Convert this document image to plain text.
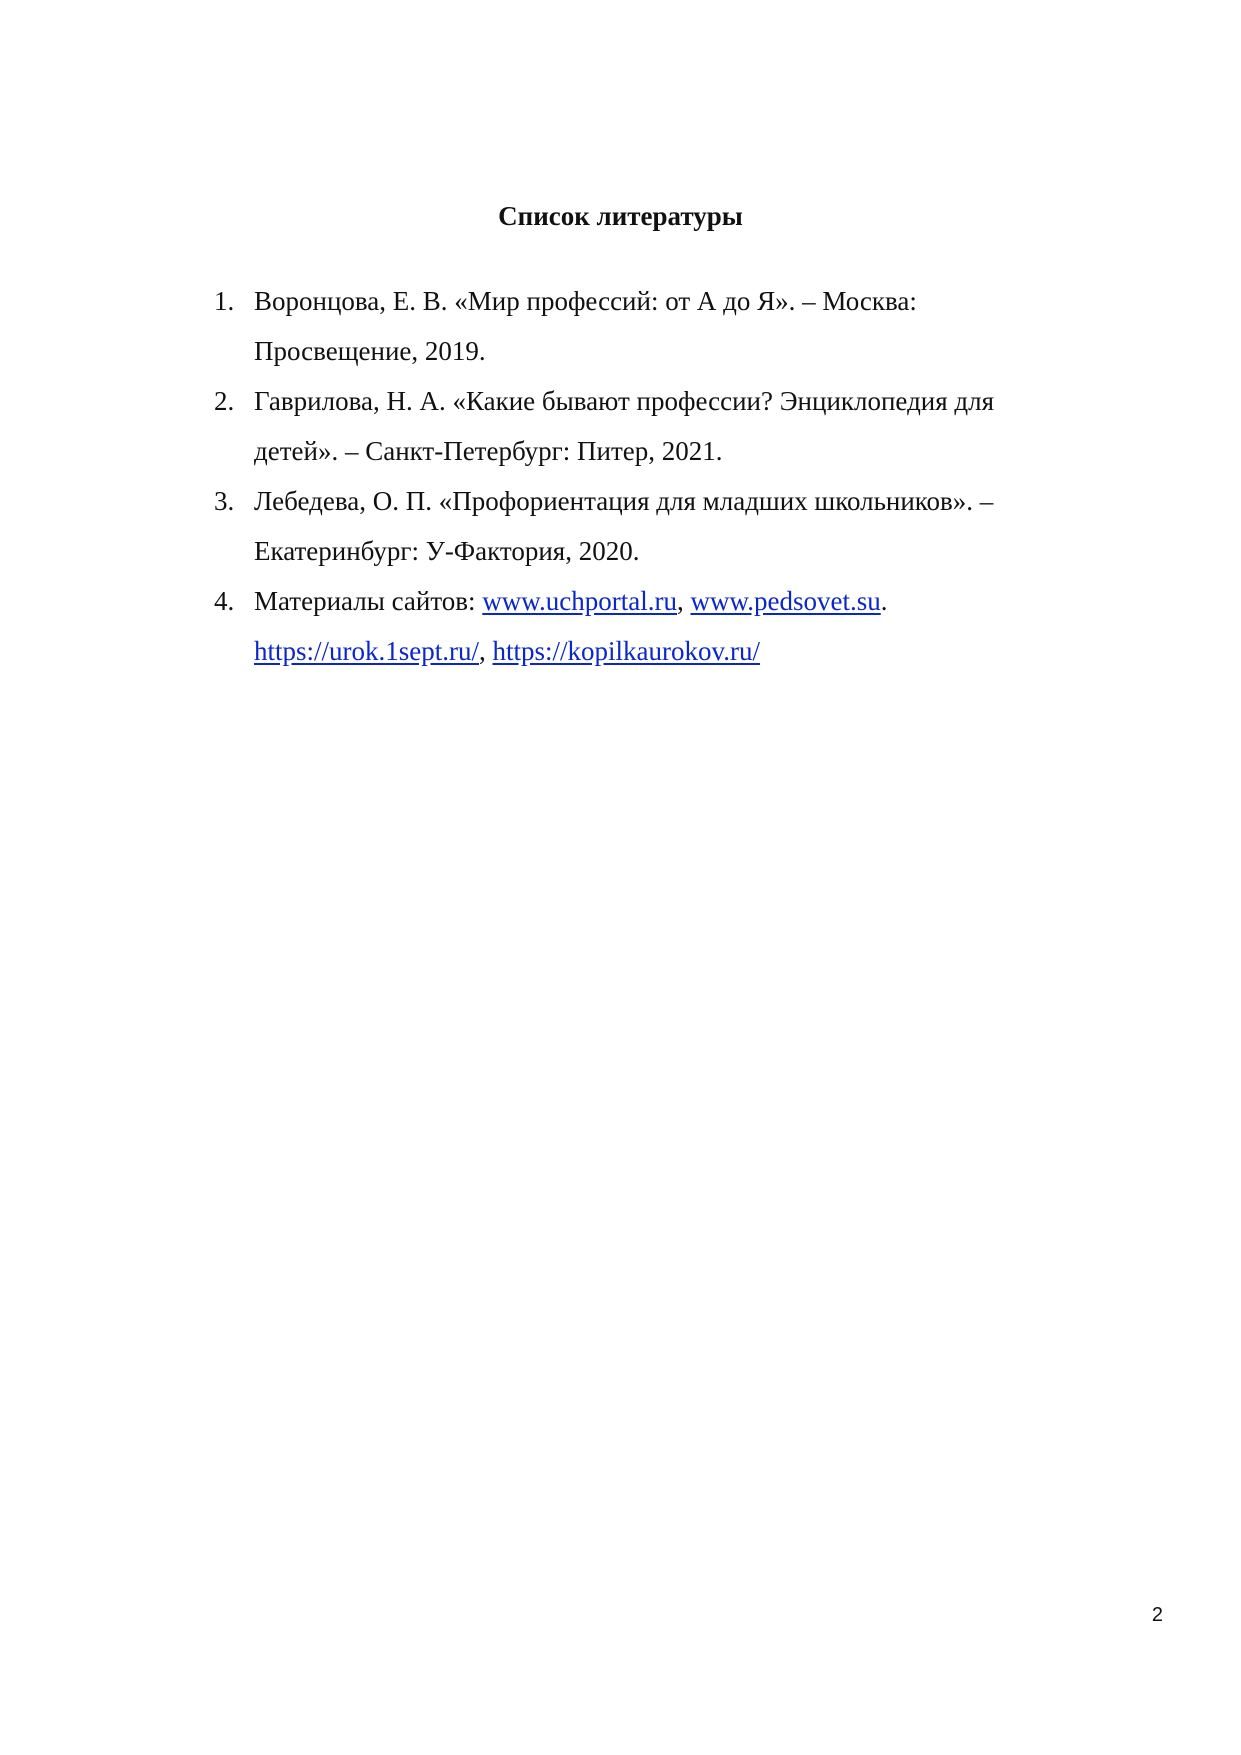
Список литературы
1. Воронцова, Е. В. «Мир профессий: от А до Я». – Москва: Просвещение, 2019.
2. Гаврилова, Н. А. «Какие бывают профессии? Энциклопедия для детей». – Санкт-Петербург: Питер, 2021.
3. Лебедева, О. П. «Профориентация для младших школьников». – Екатеринбург: У-Фактория, 2020.
4. Материалы сайтов: www.uchportal.ru, www.pedsovet.su. https://urok.1sept.ru/, https://kopilkaurokov.ru/
2
